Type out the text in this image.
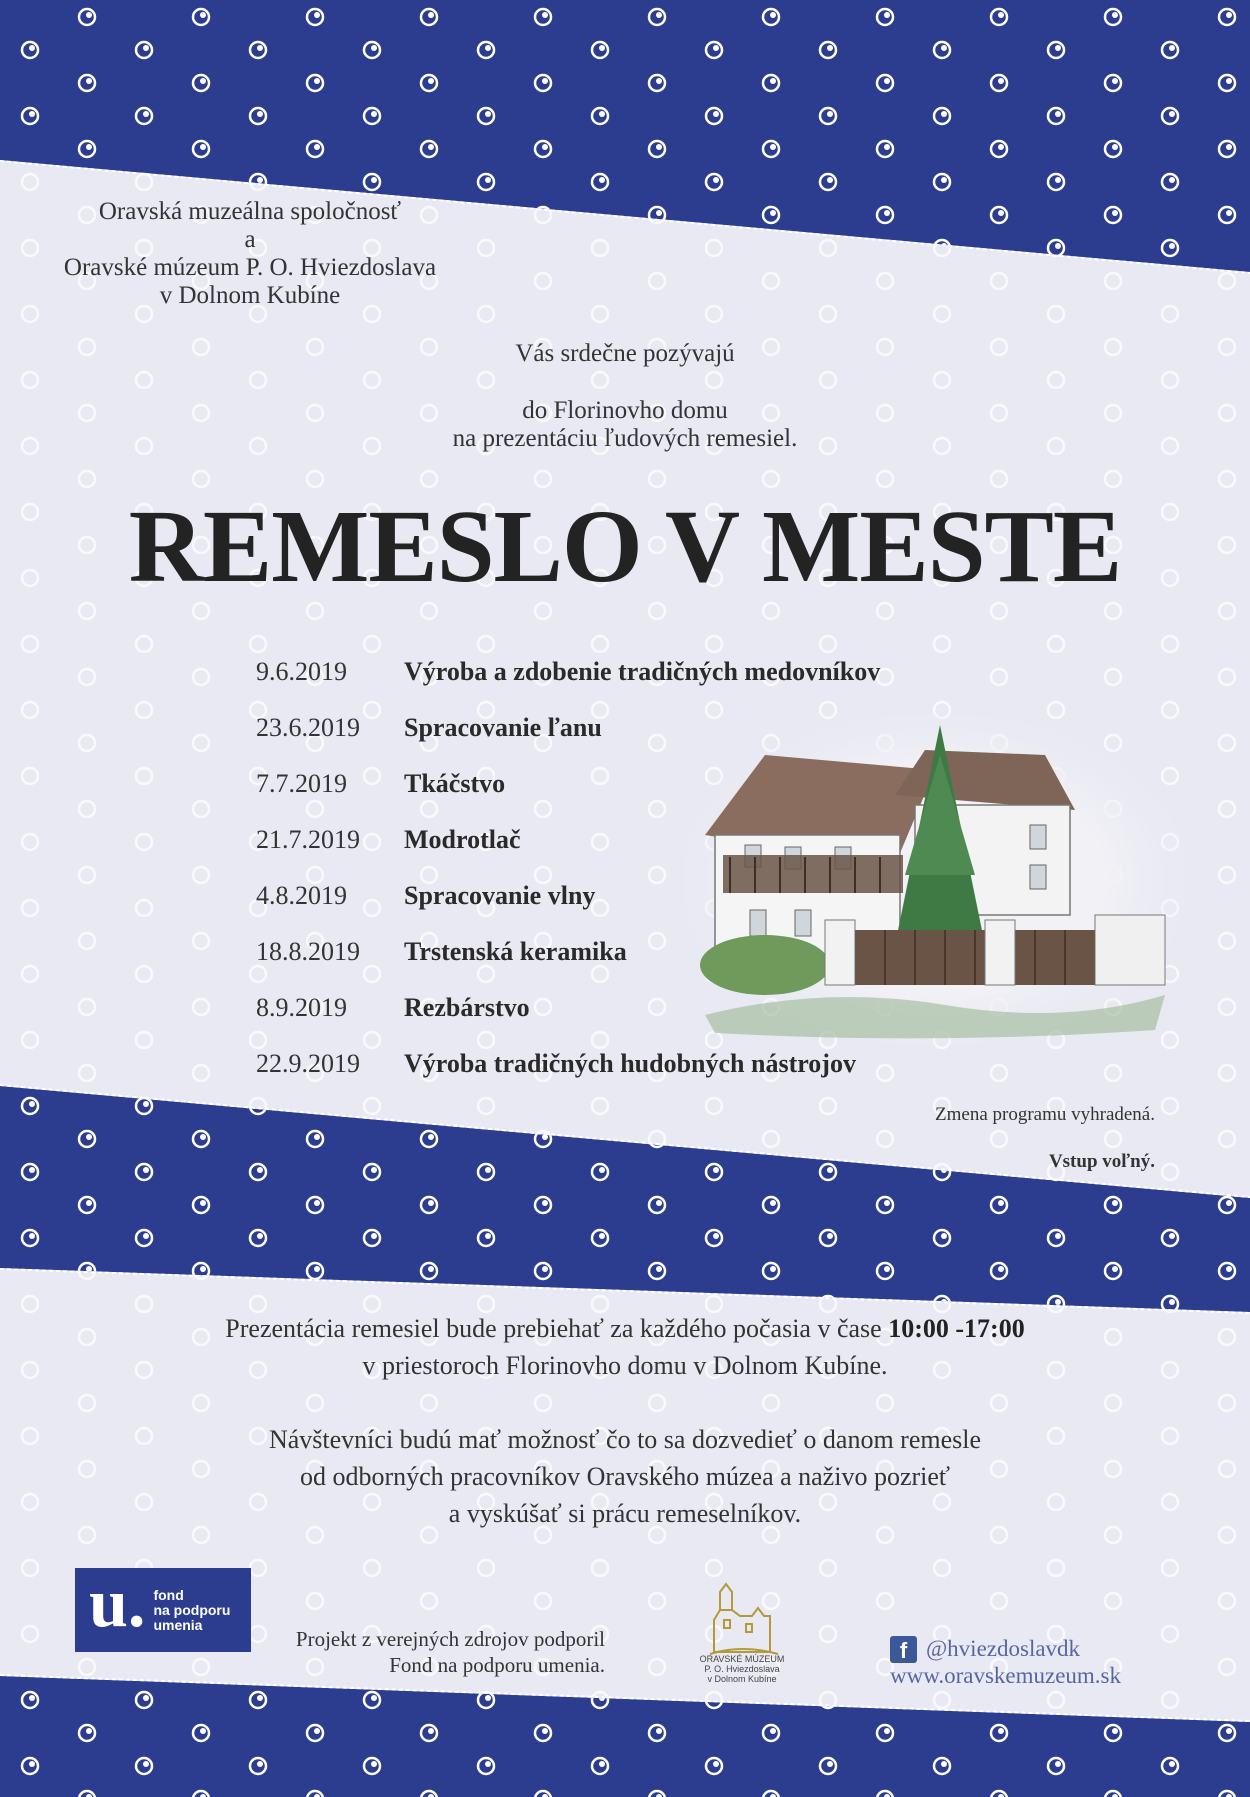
Oravská muzeálna spoločnosť
a
Oravské múzeum P. O. Hviezdoslava
v Dolnom Kubíne
Vás srdečne pozývajú
do Florinovho domu
na prezentáciu ľudových remesiel.
REMESLO V MESTE
9.6.2019	Výroba a zdobenie tradičných medovníkov
23.6.2019	Spracovanie ľanu
7.7.2019	Tkáčstvo
21.7.2019	Modrotlač
4.8.2019	Spracovanie vlny
18.8.2019	Trstenská keramika
8.9.2019	Rezbárstvo
22.9.2019	Výroba tradičných hudobných nástrojov
Zmena programu vyhradená.
Vstup voľný.
Prezentácia remesiel bude prebiehať za každého počasia v čase 10:00 -17:00
v priestoroch Florinovho domu v Dolnom Kubíne.
Návštevníci budú mať možnosť čo to sa dozvedieť o danom remesle
od odborných pracovníkov Oravského múzea a naživo pozrieť
a vyskúšať si prácu remeselníkov.
u. fond
na podporu
umenia
Projekt z verejných zdrojov podporil
Fond na podporu umenia.	ORAVSKÉ MÚZEUM
P. O. Hviezdoslava
v Dolnom Kubíne
f @hviezdoslavdk
www.oravskemuzeum.sk
